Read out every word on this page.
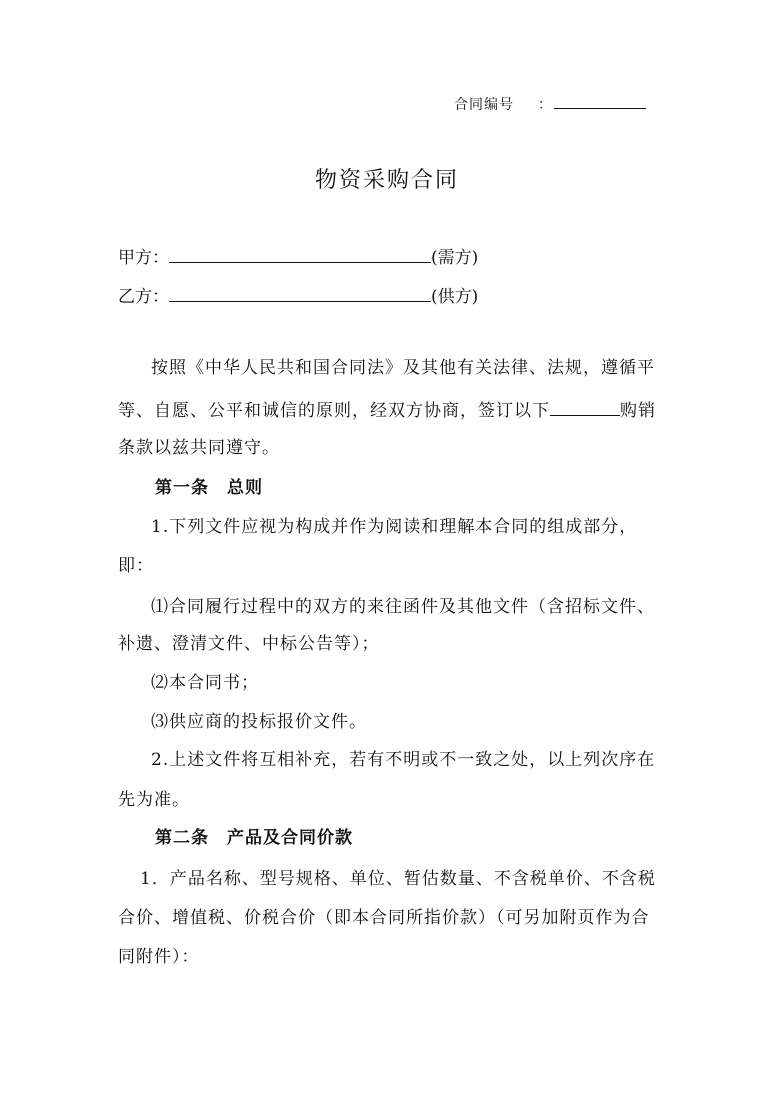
合同编号 ：
物资采购合同
甲方：	(需方)
乙方：	(供方)
按照《中华人民共和国合同法》及其他有关法律、法规，遵循平
等、自愿、公平和诚信的原则，经双方协商，签订以下	购销
条款以兹共同遵守。
第一条　总则
1.下列文件应视为构成并作为阅读和理解本合同的组成部分，
即：
⑴合同履行过程中的双方的来往函件及其他文件（含招标文件、
补遗、澄清文件、中标公告等）；
⑵本合同书；
⑶供应商的投标报价文件。
2.上述文件将互相补充，若有不明或不一致之处，以上列次序在
先为准。
第二条　产品及合同价款
1．产品名称、型号规格、单位、暂估数量、不含税单价、不含税
合价、增值税、价税合价（即本合同所指价款）（可另加附页作为合
同附件）：
